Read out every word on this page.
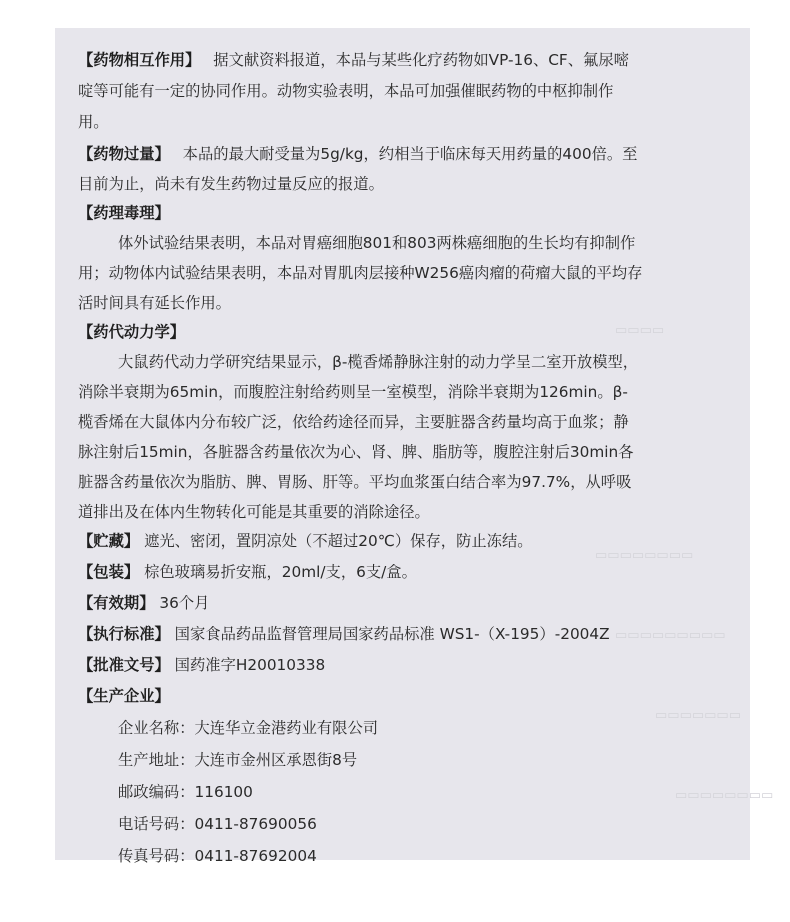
▭▭▭▭
▭▭▭▭▭▭▭▭
▭▭▭▭▭▭▭▭▭
▭▭▭▭▭▭▭
▭▭▭▭▭▭▭▭
【药物相互作用】 据文献资料报道，本品与某些化疗药物如VP-16、CF、氟尿嘧
啶等可能有一定的协同作用。动物实验表明，本品可加强催眠药物的中枢抑制作
用。
【药物过量】 本品的最大耐受量为5g/kg，约相当于临床每天用药量的400倍。至
目前为止，尚未有发生药物过量反应的报道。
【药理毒理】
体外试验结果表明，本品对胃癌细胞801和803两株癌细胞的生长均有抑制作
用；动物体内试验结果表明，本品对胃肌肉层接种W256癌肉瘤的荷瘤大鼠的平均存
活时间具有延长作用。
【药代动力学】
大鼠药代动力学研究结果显示，β-榄香烯静脉注射的动力学呈二室开放模型，
消除半衰期为65min，而腹腔注射给药则呈一室模型，消除半衰期为126min。β-
榄香烯在大鼠体内分布较广泛，依给药途径而异，主要脏器含药量均高于血浆；静
脉注射后15min，各脏器含药量依次为心、肾、脾、脂肪等，腹腔注射后30min各
脏器含药量依次为脂肪、脾、胃肠、肝等。平均血浆蛋白结合率为97.7%，从呼吸
道排出及在体内生物转化可能是其重要的消除途径。
【贮藏】 遮光、密闭，置阴凉处（不超过20℃）保存，防止冻结。
【包装】 棕色玻璃易折安瓶，20ml/支，6支/盒。
【有效期】 36个月
【执行标准】 国家食品药品监督管理局国家药品标准 WS1-（X-195）-2004Z
【批准文号】 国药准字H20010338
【生产企业】
企业名称：大连华立金港药业有限公司
生产地址：大连市金州区承恩街8号
邮政编码：116100
电话号码：0411-87690056
传真号码：0411-87692004
